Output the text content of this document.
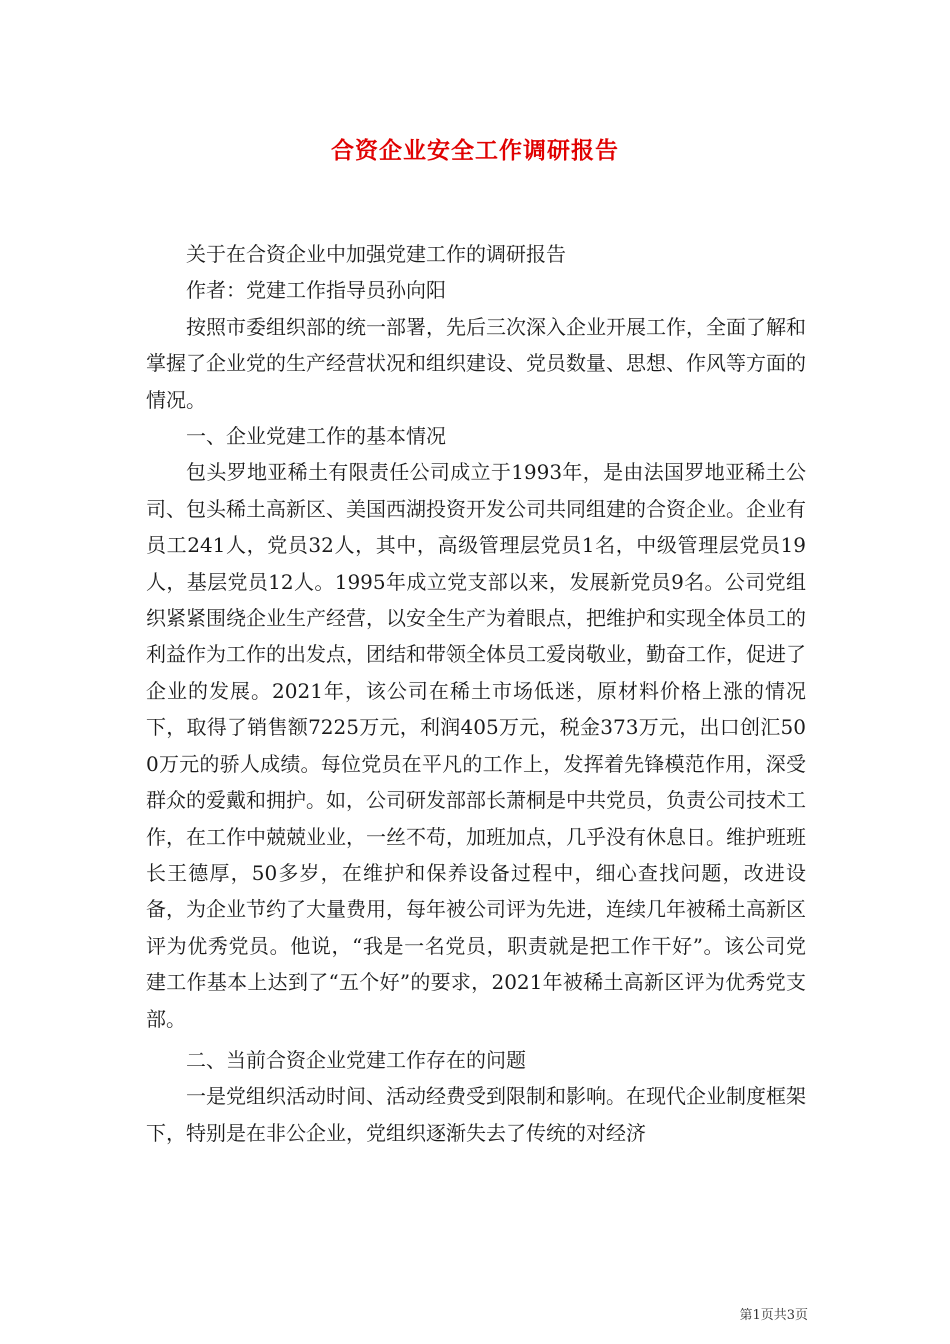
合资企业安全工作调研报告

关于在合资企业中加强党建工作的调研报告

作者：党建工作指导员孙向阳

按照市委组织部的统一部署，先后三次深入企业开展工作，全面了解和掌握了企业党的生产经营状况和组织建设、党员数量、思想、作风等方面的情况。

一、企业党建工作的基本情况

包头罗地亚稀土有限责任公司成立于1993年，是由法国罗地亚稀土公司、包头稀土高新区、美国西湖投资开发公司共同组建的合资企业。企业有员工241人，党员32人，其中，高级管理层党员1名，中级管理层党员19人，基层党员12人。1995年成立党支部以来，发展新党员9名。公司党组织紧紧围绕企业生产经营，以安全生产为着眼点，把维护和实现全体员工的利益作为工作的出发点，团结和带领全体员工爱岗敬业，勤奋工作，促进了企业的发展。2021年，该公司在稀土市场低迷，原材料价格上涨的情况下，取得了销售额7225万元，利润405万元，税金373万元，出口创汇500万元的骄人成绩。每位党员在平凡的工作上，发挥着先锋模范作用，深受群众的爱戴和拥护。如，公司研发部部长萧桐是中共党员，负责公司技术工作，在工作中兢兢业业，一丝不苟，加班加点，几乎没有休息日。维护班班长王德厚，50多岁，在维护和保养设备过程中，细心查找问题，改进设备，为企业节约了大量费用，每年被公司评为先进，连续几年被稀土高新区评为优秀党员。他说，“我是一名党员，职责就是把工作干好”。该公司党建工作基本上达到了“五个好”的要求，2021年被稀土高新区评为优秀党支部。

二、当前合资企业党建工作存在的问题

一是党组织活动时间、活动经费受到限制和影响。在现代企业制度框架下，特别是在非公企业，党组织逐渐失去了传统的对经济

第1页共3页
